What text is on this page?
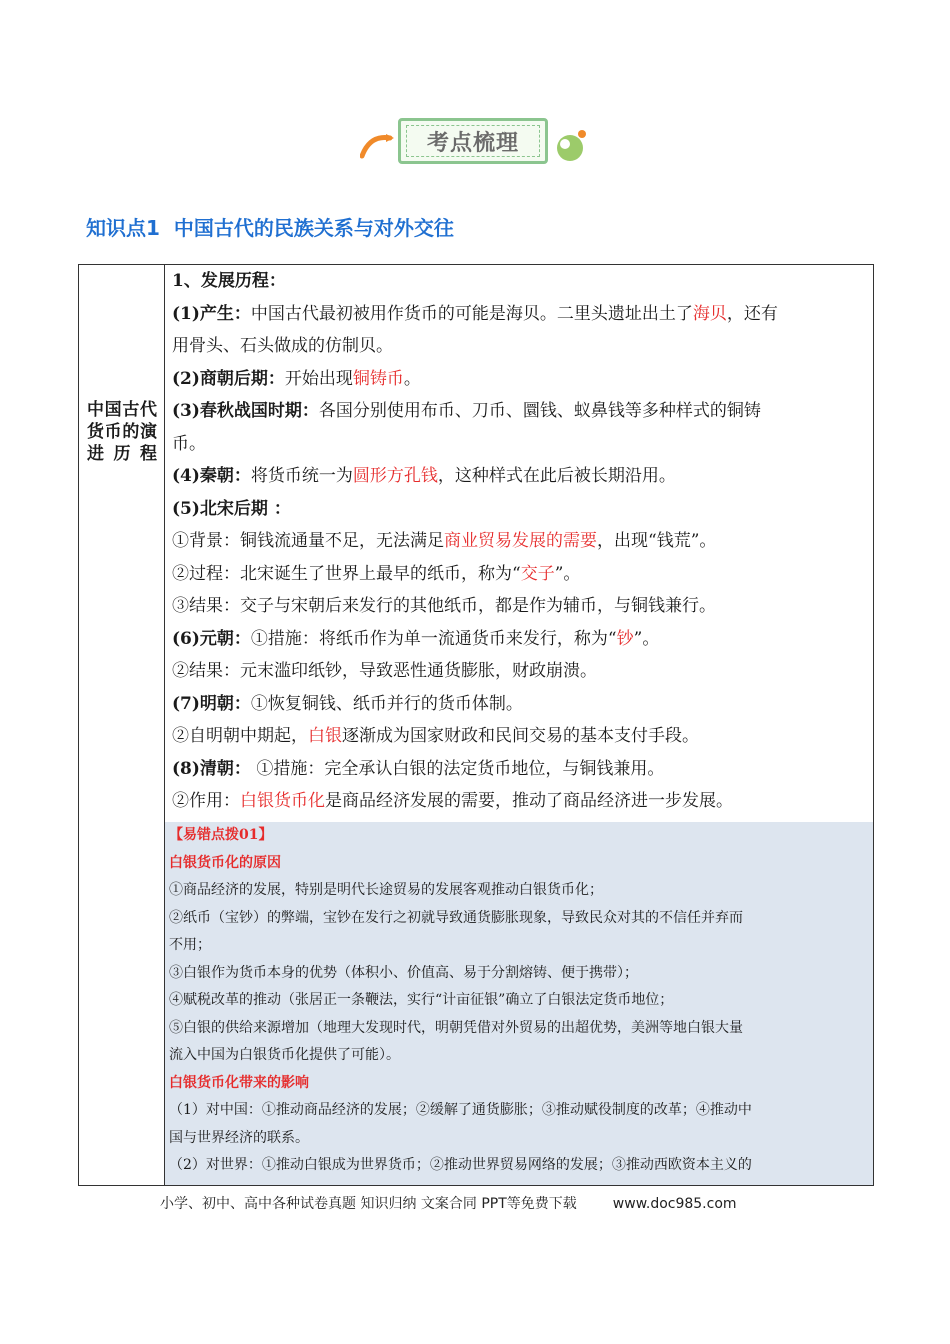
考点梳理
知识点1 中国古代的民族关系与对外交往
中国古代货币的演进历程
1、发展历程：
(1)产生：中国古代最初被用作货币的可能是海贝。二里头遗址出土了海贝，还有
用骨头、石头做成的仿制贝。
(2)商朝后期：开始出现铜铸币。
(3)春秋战国时期：各国分别使用布币、刀币、圜钱、蚁鼻钱等多种样式的铜铸
币。
(4)秦朝：将货币统一为圆形方孔钱，这种样式在此后被长期沿用。
(5)北宋后期 ：
①背景：铜钱流通量不足，无法满足商业贸易发展的需要，出现“钱荒”。
②过程：北宋诞生了世界上最早的纸币，称为“交子”。
③结果：交子与宋朝后来发行的其他纸币，都是作为辅币，与铜钱兼行。
(6)元朝：①措施：将纸币作为单一流通货币来发行，称为“钞”。
②结果：元末滥印纸钞，导致恶性通货膨胀，财政崩溃。
(7)明朝：①恢复铜钱、纸币并行的货币体制。
②自明朝中期起，白银逐渐成为国家财政和民间交易的基本支付手段。
(8)清朝： ①措施：完全承认白银的法定货币地位，与铜钱兼用。
②作用：白银货币化是商品经济发展的需要，推动了商品经济进一步发展。
【易错点拨01】
白银货币化的原因
①商品经济的发展，特别是明代长途贸易的发展客观推动白银货币化；
②纸币（宝钞）的弊端，宝钞在发行之初就导致通货膨胀现象，导致民众对其的不信任并弃而
不用；
③白银作为货币本身的优势（体积小、价值高、易于分割熔铸、便于携带）；
④赋税改革的推动（张居正一条鞭法，实行“计亩征银”确立了白银法定货币地位；
⑤白银的供给来源增加（地理大发现时代，明朝凭借对外贸易的出超优势，美洲等地白银大量
流入中国为白银货币化提供了可能）。
白银货币化带来的影响
（1）对中国：①推动商品经济的发展；②缓解了通货膨胀；③推动赋役制度的改革；④推动中
国与世界经济的联系。
（2）对世界：①推动白银成为世界货币；②推动世界贸易网络的发展；③推动西欧资本主义的
小学、初中、高中各种试卷真题 知识归纳 文案合同 PPT等免费下载	www.doc985.com
